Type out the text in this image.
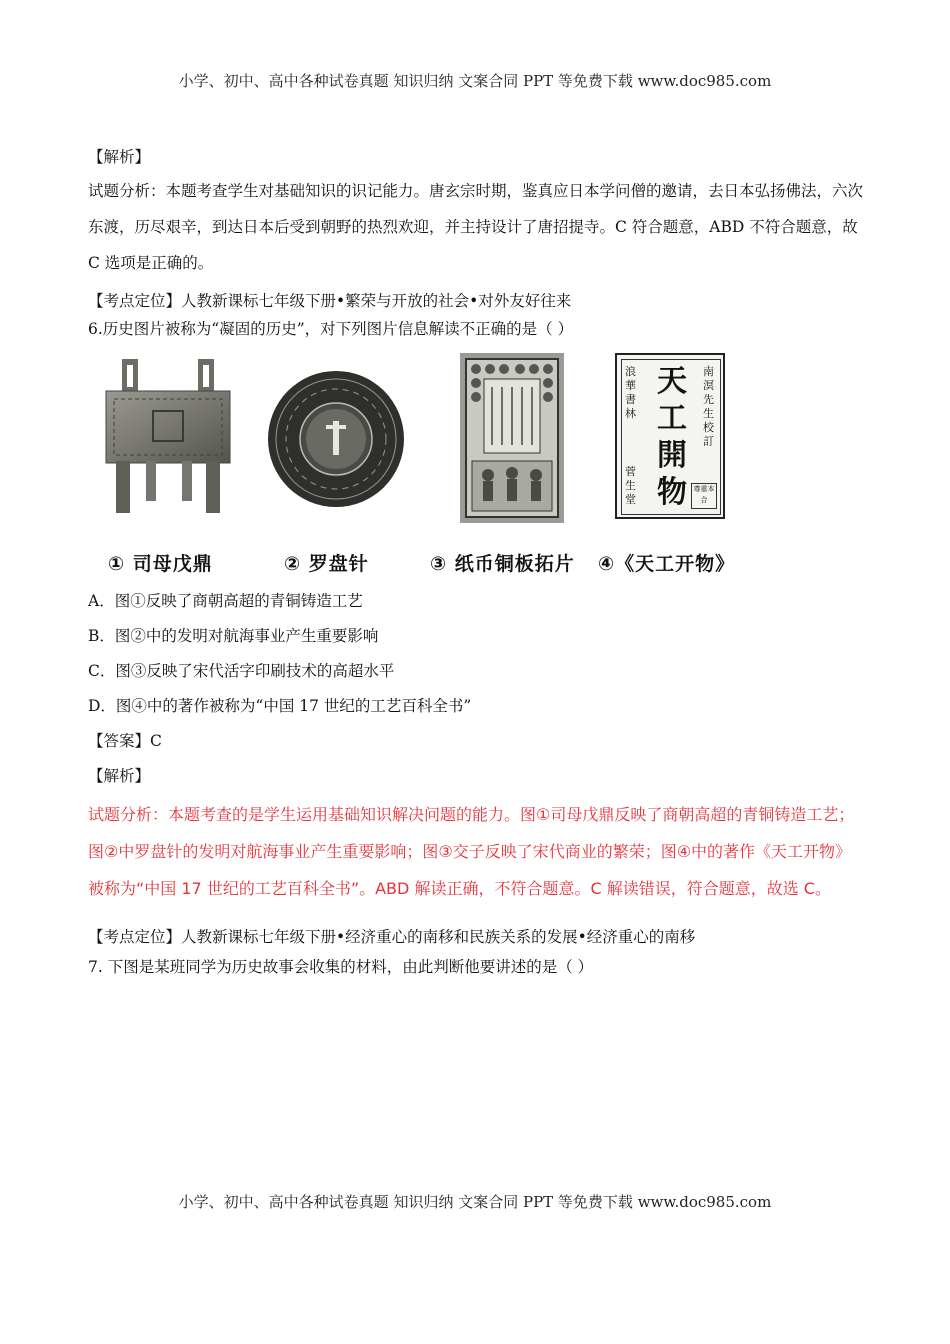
小学、初中、高中各种试卷真题 知识归纳 文案合同 PPT 等免费下载 www.doc985.com

【解析】

试题分析：本题考查学生对基础知识的识记能力。唐玄宗时期，鉴真应日本学问僧的邀请，去日本弘扬佛法，六次东渡，历尽艰辛，到达日本后受到朝野的热烈欢迎，并主持设计了唐招提寺。C 符合题意，ABD 不符合题意，故 C 选项是正确的。

【考点定位】人教新课标七年级下册•繁荣与开放的社会•对外友好往来

6.历史图片被称为“凝固的历史”，对下列图片信息解读不正确的是（ ）

① 司母戊鼎	② 罗盘针	③ 纸币铜板拓片
天
工
開
物
南溟先生校訂
浪華書林
菅生堂
尊重本合
④《天工开物》

A．图①反映了商朝高超的青铜铸造工艺

B．图②中的发明对航海事业产生重要影响

C．图③反映了宋代活字印刷技术的高超水平

D．图④中的著作被称为“中国 17 世纪的工艺百科全书”

【答案】C

【解析】

试题分析：本题考查的是学生运用基础知识解决问题的能力。图①司母戊鼎反映了商朝高超的青铜铸造工艺；图②中罗盘针的发明对航海事业产生重要影响；图③交子反映了宋代商业的繁荣；图④中的著作《天工开物》被称为“中国 17 世纪的工艺百科全书”。ABD 解读正确，不符合题意。C 解读错误，符合题意，故选 C。

【考点定位】人教新课标七年级下册•经济重心的南移和民族关系的发展•经济重心的南移

7. 下图是某班同学为历史故事会收集的材料，由此判断他要讲述的是（ ）

小学、初中、高中各种试卷真题 知识归纳 文案合同 PPT 等免费下载 www.doc985.com
